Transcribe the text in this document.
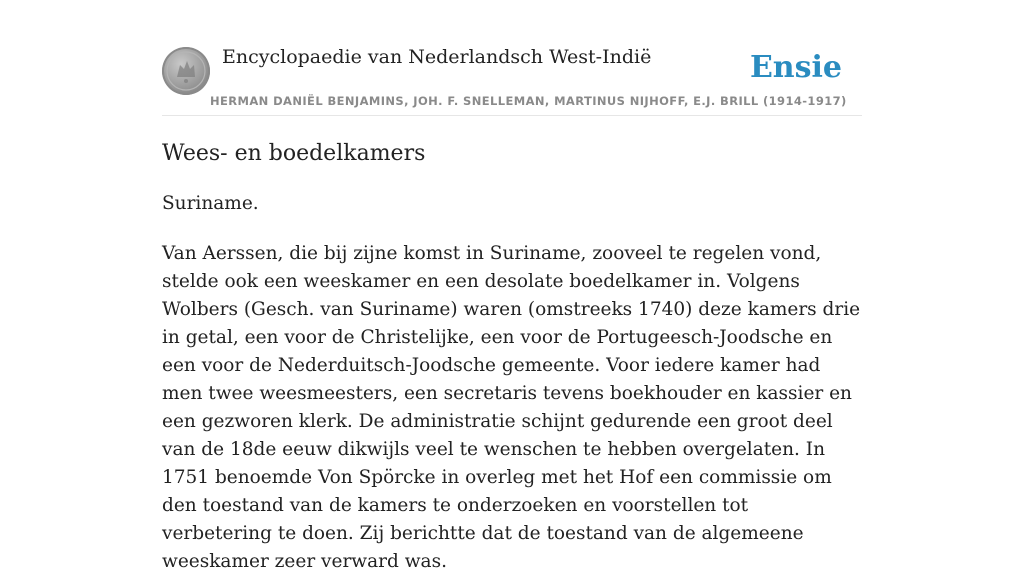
Encyclopaedie van Nederlandsch West-Indië	Ensie
HERMAN DANIËL BENJAMINS, JOH. F. SNELLEMAN, MARTINUS NIJHOFF, E.J. BRILL (1914-1917)
Wees- en boedelkamers

Suriname.

Van Aerssen, die bij zijne komst in Suriname, zooveel te regelen vond, stelde ook een weeskamer en een desolate boedelkamer in. Volgens Wolbers (Gesch. van Suriname) waren (omstreeks 1740) deze kamers drie in getal, een voor de Christelijke, een voor de Portugeesch-Joodsche en een voor de Nederduitsch-Joodsche gemeente. Voor iedere kamer had men twee weesmeesters, een secretaris tevens boekhouder en kassier en een gezworen klerk. De administratie schijnt gedurende een groot deel van de 18de eeuw dikwijls veel te wenschen te hebben overgelaten. In 1751 benoemde Von Spörcke in overleg met het Hof een commissie om den toestand van de kamers te onderzoeken en voorstellen tot verbetering te doen. Zij berichtte dat de toestand van de algemeene weeskamer zeer verward was.
